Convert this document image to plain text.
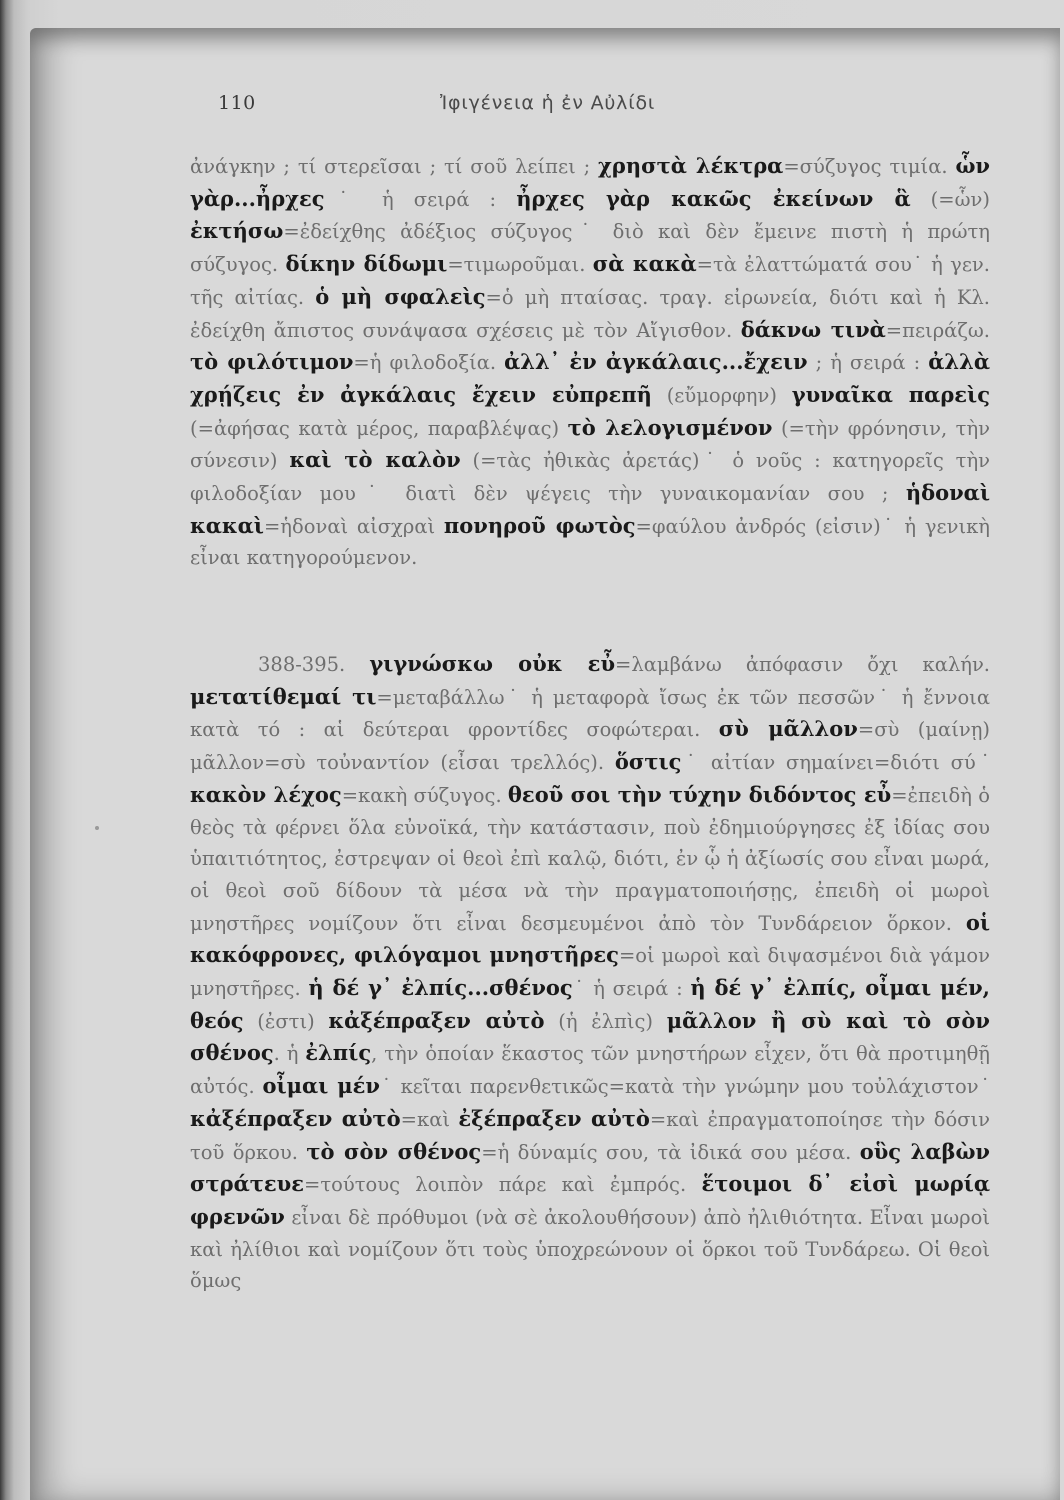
110	Ἰφιγένεια ἡ ἐν Αὐλίδι

ἀνάγκην ; τί στερεῖσαι ; τί σοῦ λείπει ; χρηστὰ λέκτρα=σύζυγος τιμία. ὧν γὰρ...ἦρχες˙ ἡ σειρά : ἦρχες γὰρ κακῶς ἐκείνων ἃ (=ὧν) ἐκτήσω=ἐδείχθης ἀδέξιος σύζυγος˙ διὸ καὶ δὲν ἔμεινε πιστὴ ἡ πρώτη σύζυγος. δίκην δίδωμι=τιμωροῦμαι. σὰ κακὰ=τὰ ἐλαττώματά σου˙ ἡ γεν. τῆς αἰτίας. ὁ μὴ σφαλεὶς=ὁ μὴ πταίσας. τραγ. εἰρωνεία, διότι καὶ ἡ Κλ. ἐδείχθη ἄπιστος συνάψασα σχέσεις μὲ τὸν Αἴγισθον. δάκνω τινὰ=πειράζω. τὸ φιλότιμον=ἡ φιλοδοξία. ἀλλ᾽ ἐν ἀγκάλαις...ἔχειν ; ἡ σειρά : ἀλλὰ χρῄζεις ἐν ἀγκάλαις ἔχειν εὐπρεπῆ (εὔμορφην) γυναῖκα παρεὶς (=ἀφήσας κατὰ μέρος, παραβλέψας) τὸ λελογισμένον (=τὴν φρόνησιν, τὴν σύνεσιν) καὶ τὸ καλὸν (=τὰς ἠθικὰς ἀρετάς)˙ ὁ νοῦς : κατηγορεῖς τὴν φιλοδοξίαν μου˙ διατὶ δὲν ψέγεις τὴν γυναικομανίαν σου ; ἡδοναὶ κακαὶ=ἡδοναὶ αἰσχραὶ πονηροῦ φωτὸς=φαύλου ἀνδρός (εἰσιν)˙ ἡ γενικὴ εἶναι κατηγορούμενον.

388-395. γιγνώσκω οὐκ εὖ=λαμβάνω ἀπόφασιν ὄχι καλήν. μετατίθεμαί τι=μεταβάλλω˙ ἡ μεταφορὰ ἴσως ἐκ τῶν πεσσῶν˙ ἡ ἔννοια κατὰ τό : αἱ δεύτεραι φροντίδες σοφώτεραι. σὺ μᾶλλον=σὺ (μαίνῃ) μᾶλλον=σὺ τοὐναντίον (εἶσαι τρελλός). ὅστις˙ αἰτίαν σημαίνει=διότι σύ˙ κακὸν λέχος=κακὴ σύζυγος. θεοῦ σοι τὴν τύχην διδόντος εὖ=ἐπειδὴ ὁ θεὸς τὰ φέρνει ὅλα εὐνοϊκά, τὴν κατάστασιν, ποὺ ἐδημιούργησες ἐξ ἰδίας σου ὑπαιτιότητος, ἐστρεψαν οἱ θεοὶ ἐπὶ καλῷ, διότι, ἐν ᾧ ἡ ἀξίωσίς σου εἶναι μωρά, οἱ θεοὶ σοῦ δίδουν τὰ μέσα νὰ τὴν πραγματοποιήσῃς, ἐπειδὴ οἱ μωροὶ μνηστῆρες νομίζουν ὅτι εἶναι δεσμευμένοι ἀπὸ τὸν Τυνδάρειον ὅρκον. οἱ κακόφρονες, φιλόγαμοι μνηστῆρες=οἱ μωροὶ καὶ διψασμένοι διὰ γάμον μνηστῆρες. ἡ δέ γ᾽ ἐλπίς...σθένος˙ ἡ σειρά : ἡ δέ γ᾽ ἐλπίς, οἶμαι μέν, θεός (ἐστι) κἀξέπραξεν αὐτὸ (ἡ ἐλπὶς) μᾶλλον ἢ σὺ καὶ τὸ σὸν σθένος. ἡ ἐλπίς, τὴν ὁποίαν ἕκαστος τῶν μνηστήρων εἶχεν, ὅτι θὰ προτιμηθῇ αὐτός. οἶμαι μέν˙ κεῖται παρενθετικῶς=κατὰ τὴν γνώμην μου τοὐλάχιστον˙ κἀξέπραξεν αὐτὸ=καὶ ἐξέπραξεν αὐτὸ=καὶ ἐπραγματοποίησε τὴν δόσιν τοῦ ὅρκου. τὸ σὸν σθένος=ἡ δύναμίς σου, τὰ ἰδικά σου μέσα. οὓς λαβὼν στράτευε=τούτους λοιπὸν πάρε καὶ ἐμπρός. ἕτοιμοι δ᾽ εἰσὶ μωρίᾳ φρενῶν εἶναι δὲ πρόθυμοι (νὰ σὲ ἀκολουθήσουν) ἀπὸ ἠλιθιότητα. Εἶναι μωροὶ καὶ ἠλίθιοι καὶ νομίζουν ὅτι τοὺς ὑποχρεώνουν οἱ ὅρκοι τοῦ Τυνδάρεω. Οἱ θεοὶ ὅμως
